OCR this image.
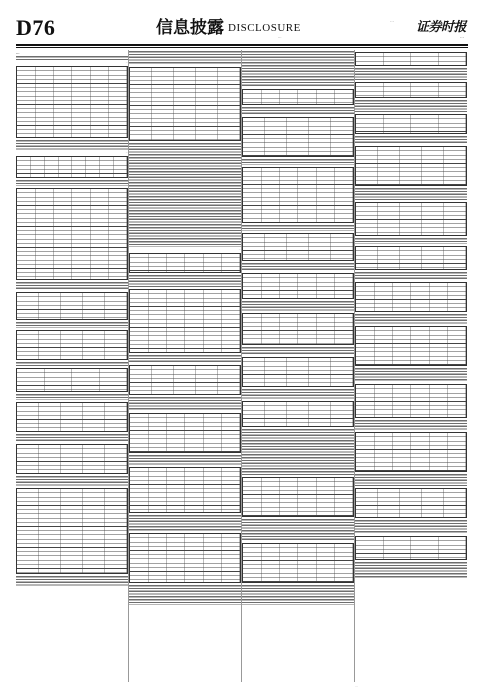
D76	信息披露 DISCLOSURE
… 证券时报
…	…
…
…
…
…
…
